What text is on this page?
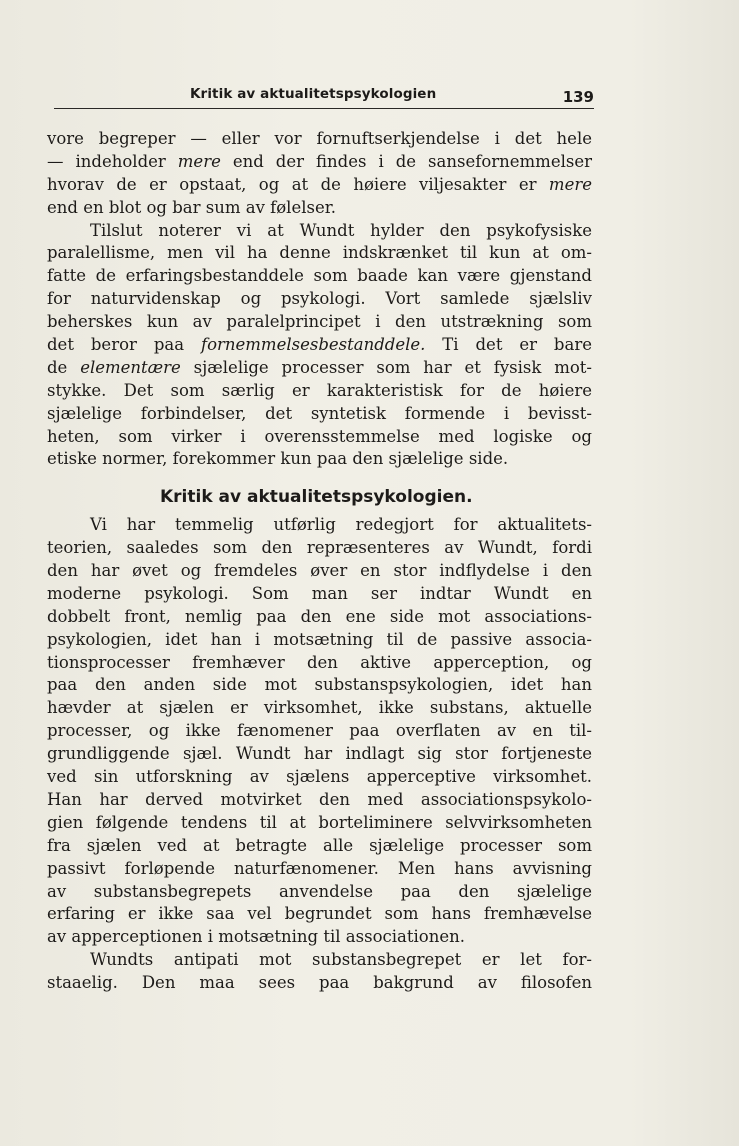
Kritik av aktualitetspsykologien	139
vore begreper — eller vor fornuftserkjendelse i det hele
— indeholder mere end der findes i de sansefornemmelser
hvorav de er opstaat, og at de høiere viljesakter er mere
end en blot og bar sum av følelser.
Tilslut noterer vi at Wundt hylder den psykofysiske
paralellisme, men vil ha denne indskrænket til kun at om-
fatte de erfaringsbestanddele som baade kan være gjenstand
for naturvidenskap og psykologi. Vort samlede sjælsliv
beherskes kun av paralelprincipet i den utstrækning som
det beror paa fornemmelsesbestanddele. Ti det er bare
de elementære sjælelige processer som har et fysisk mot-
stykke. Det som særlig er karakteristisk for de høiere
sjælelige forbindelser, det syntetisk formende i bevisst-
heten, som virker i overensstemmelse med logiske og
etiske normer, forekommer kun paa den sjælelige side.
Kritik av aktualitetspsykologien.
Vi har temmelig utførlig redegjort for aktualitets-
teorien, saaledes som den repræsenteres av Wundt, fordi
den har øvet og fremdeles øver en stor indflydelse i den
moderne psykologi. Som man ser indtar Wundt en
dobbelt front, nemlig paa den ene side mot associations-
psykologien, idet han i motsætning til de passive associa-
tionsprocesser fremhæver den aktive apperception, og
paa den anden side mot substanspsykologien, idet han
hævder at sjælen er virksomhet, ikke substans, aktuelle
processer, og ikke fænomener paa overflaten av en til-
grundliggende sjæl. Wundt har indlagt sig stor fortjeneste
ved sin utforskning av sjælens apperceptive virksomhet.
Han har derved motvirket den med associationspsykolo-
gien følgende tendens til at borteliminere selvvirksomheten
fra sjælen ved at betragte alle sjælelige processer som
passivt forløpende naturfænomener. Men hans avvisning
av substansbegrepets anvendelse paa den sjælelige
erfaring er ikke saa vel begrundet som hans fremhævelse
av apperceptionen i motsætning til associationen.
Wundts antipati mot substansbegrepet er let for-
staaelig. Den maa sees paa bakgrund av filosofen
